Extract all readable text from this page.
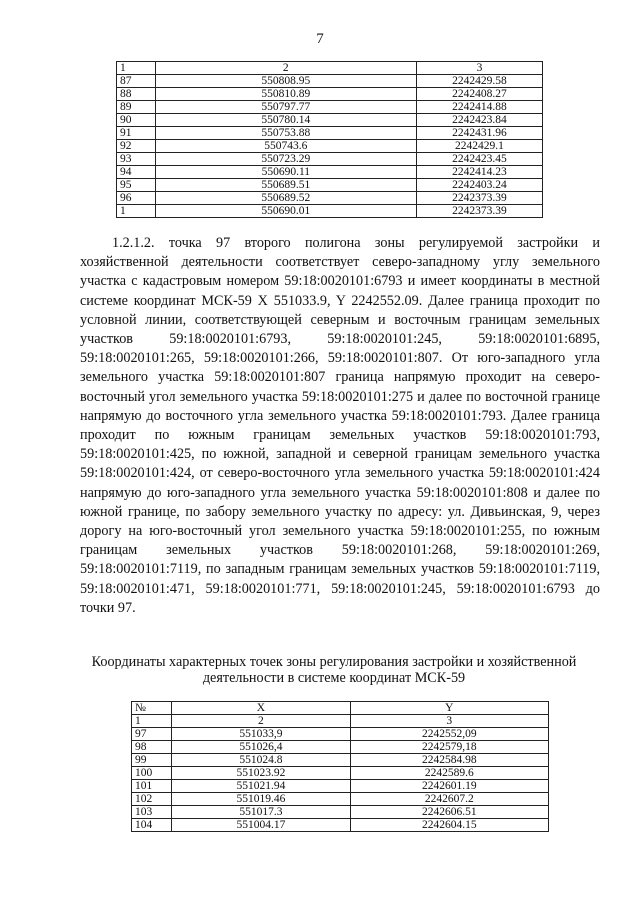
7
1	2	3
87	550808.95	2242429.58
88	550810.89	2242408.27
89	550797.77	2242414.88
90	550780.14	2242423.84
91	550753.88	2242431.96
92	550743.6	2242429.1
93	550723.29	2242423.45
94	550690.11	2242414.23
95	550689.51	2242403.24
96	550689.52	2242373.39
1	550690.01	2242373.39

1.2.1.2. точка 97 второго полигона зоны регулируемой застройки и хозяйственной деятельности соответствует северо-западному углу земельного участка с кадастровым номером 59:18:0020101:6793 и имеет координаты в местной системе координат МСК-59 X 551033.9, Y 2242552.09. Далее граница проходит по условной линии, соответствующей северным и восточным границам земельных участков 59:18:0020101:6793, 59:18:0020101:245, 59:18:0020101:6895, 59:18:0020101:265, 59:18:0020101:266, 59:18:0020101:807. От юго-западного угла земельного участка 59:18:0020101:807 граница напрямую проходит на северо-восточный угол земельного участка 59:18:0020101:275 и далее по восточной границе напрямую до восточного угла земельного участка 59:18:0020101:793. Далее граница проходит по южным границам земельных участков 59:18:0020101:793, 59:18:0020101:425, по южной, западной и северной границам земельного участка 59:18:0020101:424, от северо-восточного угла земельного участка 59:18:0020101:424 напрямую до юго-западного угла земельного участка 59:18:0020101:808 и далее по южной границе, по забору земельного участку по адресу: ул. Дивьинская, 9, через дорогу на юго-восточный угол земельного участка 59:18:0020101:255, по южным границам земельных участков 59:18:0020101:268, 59:18:0020101:269, 59:18:0020101:7119, по западным границам земельных участков 59:18:0020101:7119, 59:18:0020101:471, 59:18:0020101:771, 59:18:0020101:245, 59:18:0020101:6793 до точки 97.

Координаты характерных точек зоны регулирования застройки и хозяйственной деятельности в системе координат МСК-59
№	X	Y
1	2	3
97	551033,9	2242552,09
98	551026,4	2242579,18
99	551024.8	2242584.98
100	551023.92	2242589.6
101	551021.94	2242601.19
102	551019.46	2242607.2
103	551017.3	2242606.51
104	551004.17	2242604.15
